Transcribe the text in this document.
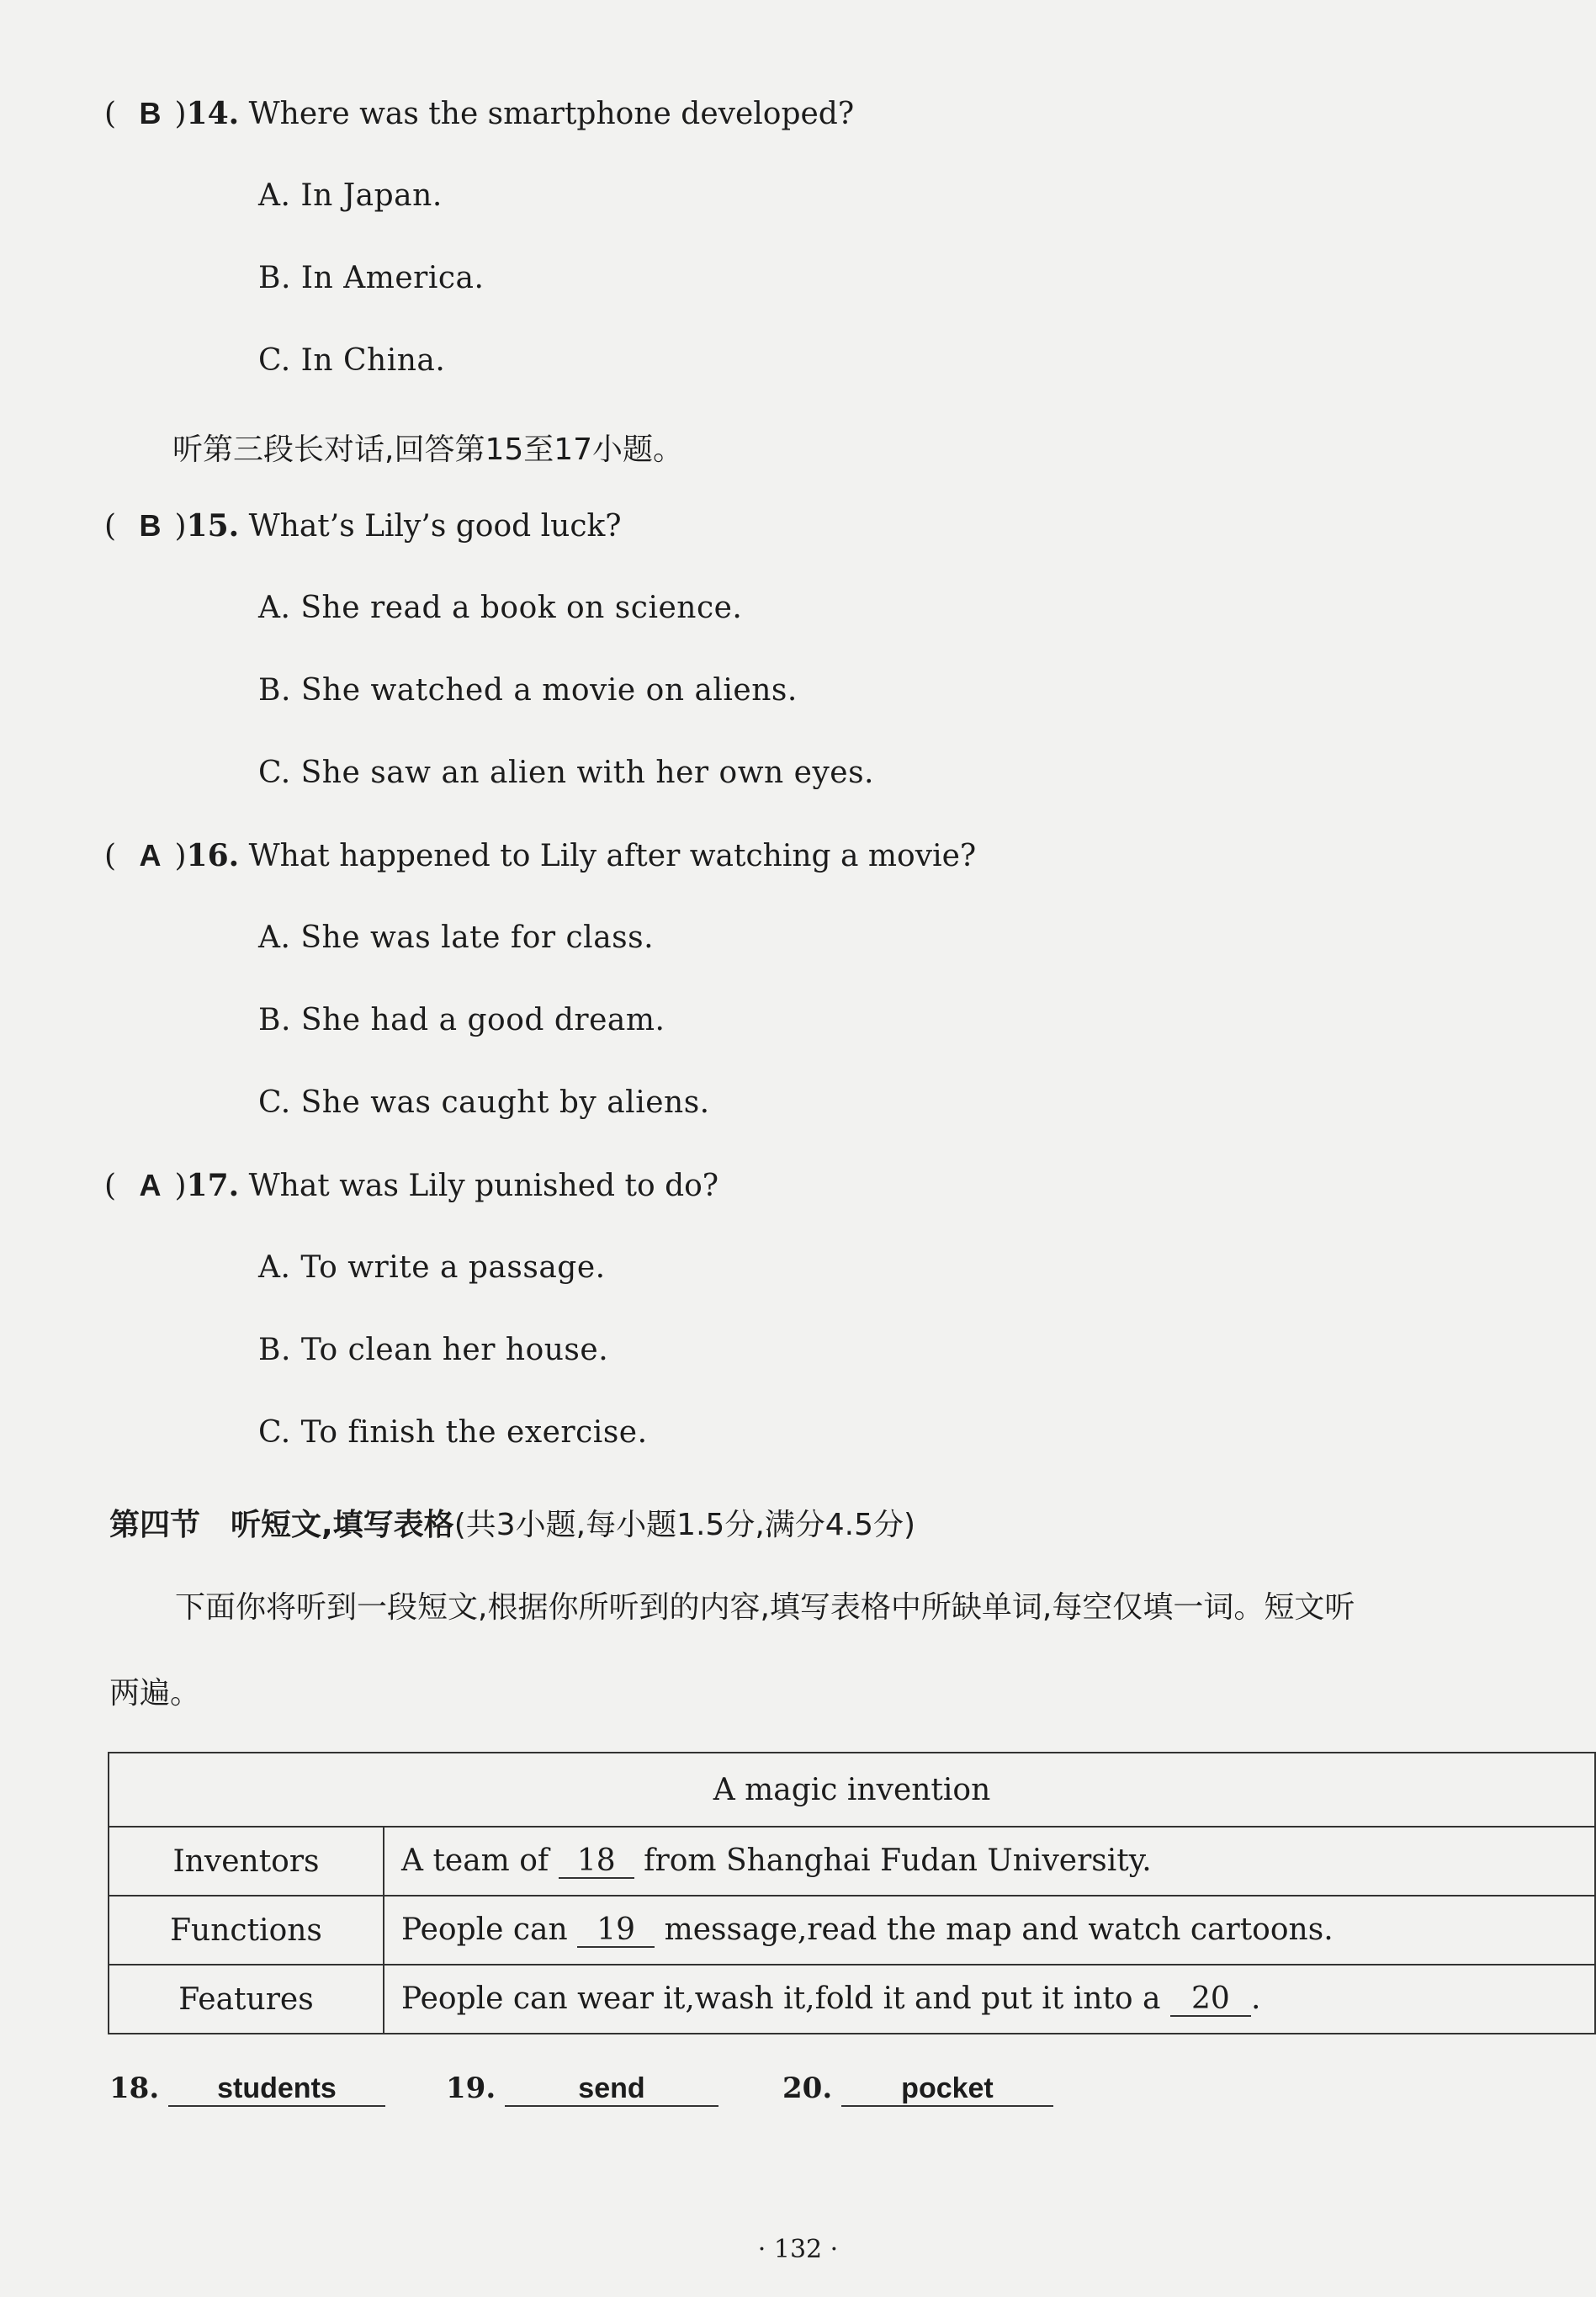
( B )14. Where was the smartphone developed?
A. In Japan.
B. In America.
C. In China.
听第三段长对话,回答第15至17小题。
( B )15. What’s Lily’s good luck?
A. She read a book on science.
B. She watched a movie on aliens.
C. She saw an alien with her own eyes.
( A )16. What happened to Lily after watching a movie?
A. She was late for class.
B. She had a good dream.
C. She was caught by aliens.
( A )17. What was Lily punished to do?
A. To write a passage.
B. To clean her house.
C. To finish the exercise.
第四节　听短文,填写表格(共3小题,每小题1.5分,满分4.5分)
下面你将听到一段短文,根据你所听到的内容,填写表格中所缺单词,每空仅填一词。短文听
两遍。
A magic invention	
Inventors	A team of 18 from Shanghai Fudan University.
Functions	People can 19 message,read the map and watch cartoons.
Features	People can wear it,wash it,fold it and put it into a 20 .
18. students	19.	send	20. pocket
· 132 ·
